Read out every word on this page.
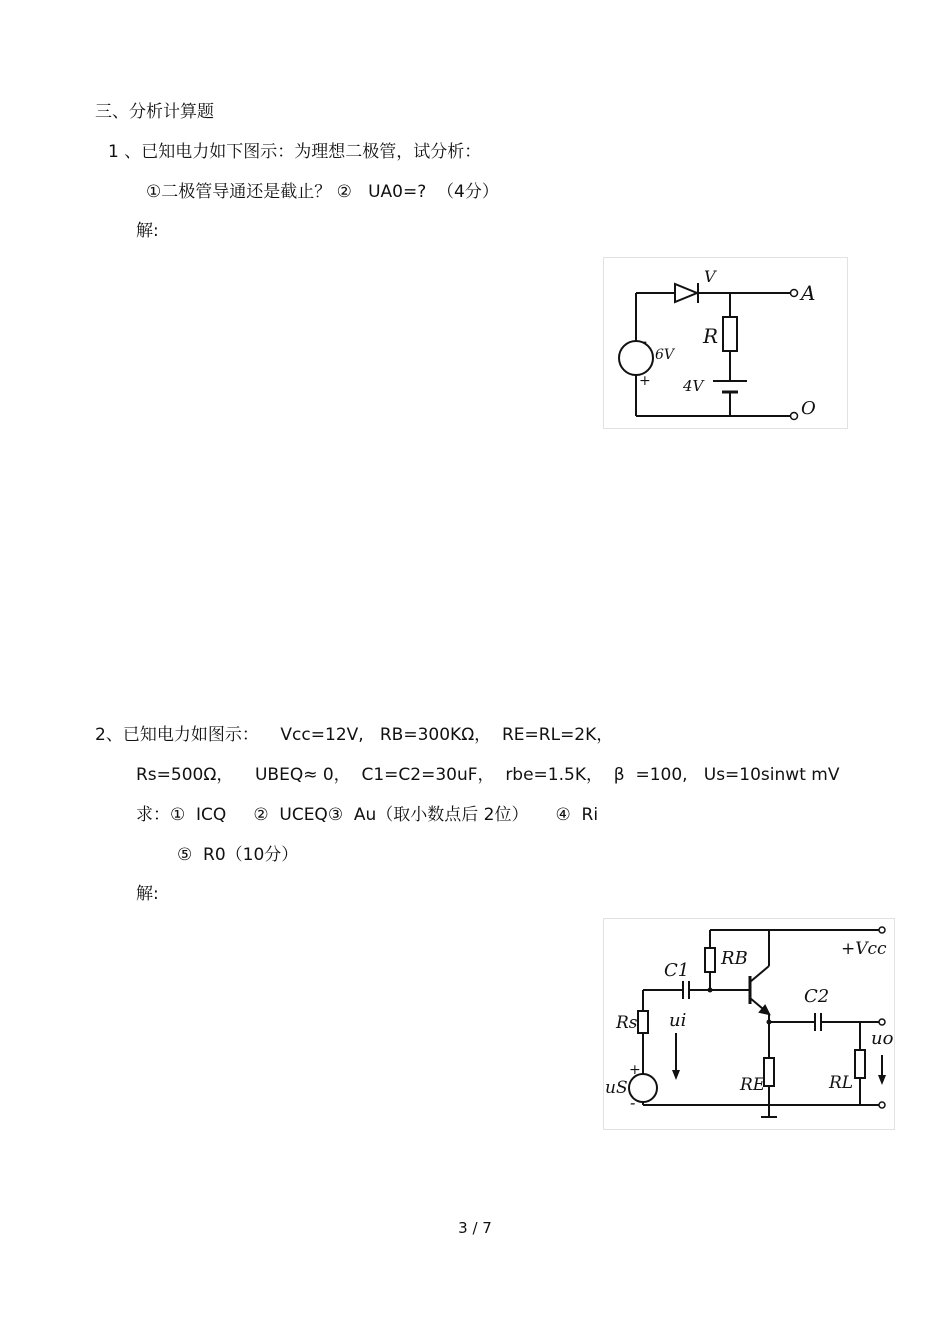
三、分析计算题
1 、已知电力如下图示：为理想二极管，试分析：
①二极管导通还是截止？ ②   UA0=?  （4分）
解:
V
A
R
-
6V
+ 4V
O
2、已知电力如图示：    Vcc=12V,   RB=300KΩ，  RE=RL=2K，
Rs=500Ω，    UBEQ≈ 0，  C1=C2=30uF，  rbe=1.5K，  β  =100,   Us=10sinwt mV
求：①  ICQ     ②  UCEQ③  Au（取小数点后 2位）     ④  Ri
⑤  R0（10分）
解:
+Vcc
RB
C1
C2
Rs ui
uo
+
-
uS	RE	RL
3 / 7
